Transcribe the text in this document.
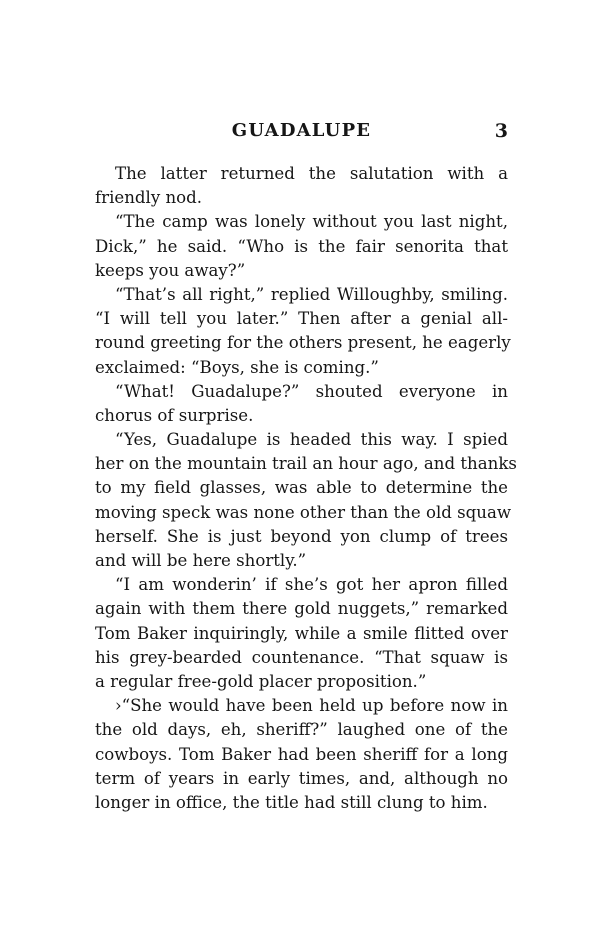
GUADALUPE	3
The latter returned the salutation with a
friendly nod.
“The camp was lonely without you last night,
Dick,” he said. “Who is the fair senorita that
keeps you away?”
“That’s all right,” replied Willoughby, smiling.
“I will tell you later.” Then after a genial all-
round greeting for the others present, he eagerly
exclaimed: “Boys, she is coming.”
“What! Guadalupe?” shouted everyone in
chorus of surprise.
“Yes, Guadalupe is headed this way. I spied
her on the mountain trail an hour ago, and thanks
to my field glasses, was able to determine the
moving speck was none other than the old squaw
herself. She is just beyond yon clump of trees
and will be here shortly.”
“I am wonderin’ if she’s got her apron filled
again with them there gold nuggets,” remarked
Tom Baker inquiringly, while a smile flitted over
his grey-bearded countenance. “That squaw is
a regular free-gold placer proposition.”
›“She would have been held up before now in
the old days, eh, sheriff?” laughed one of the
cowboys. Tom Baker had been sheriff for a long
term of years in early times, and, although no
longer in office, the title had still clung to him.
